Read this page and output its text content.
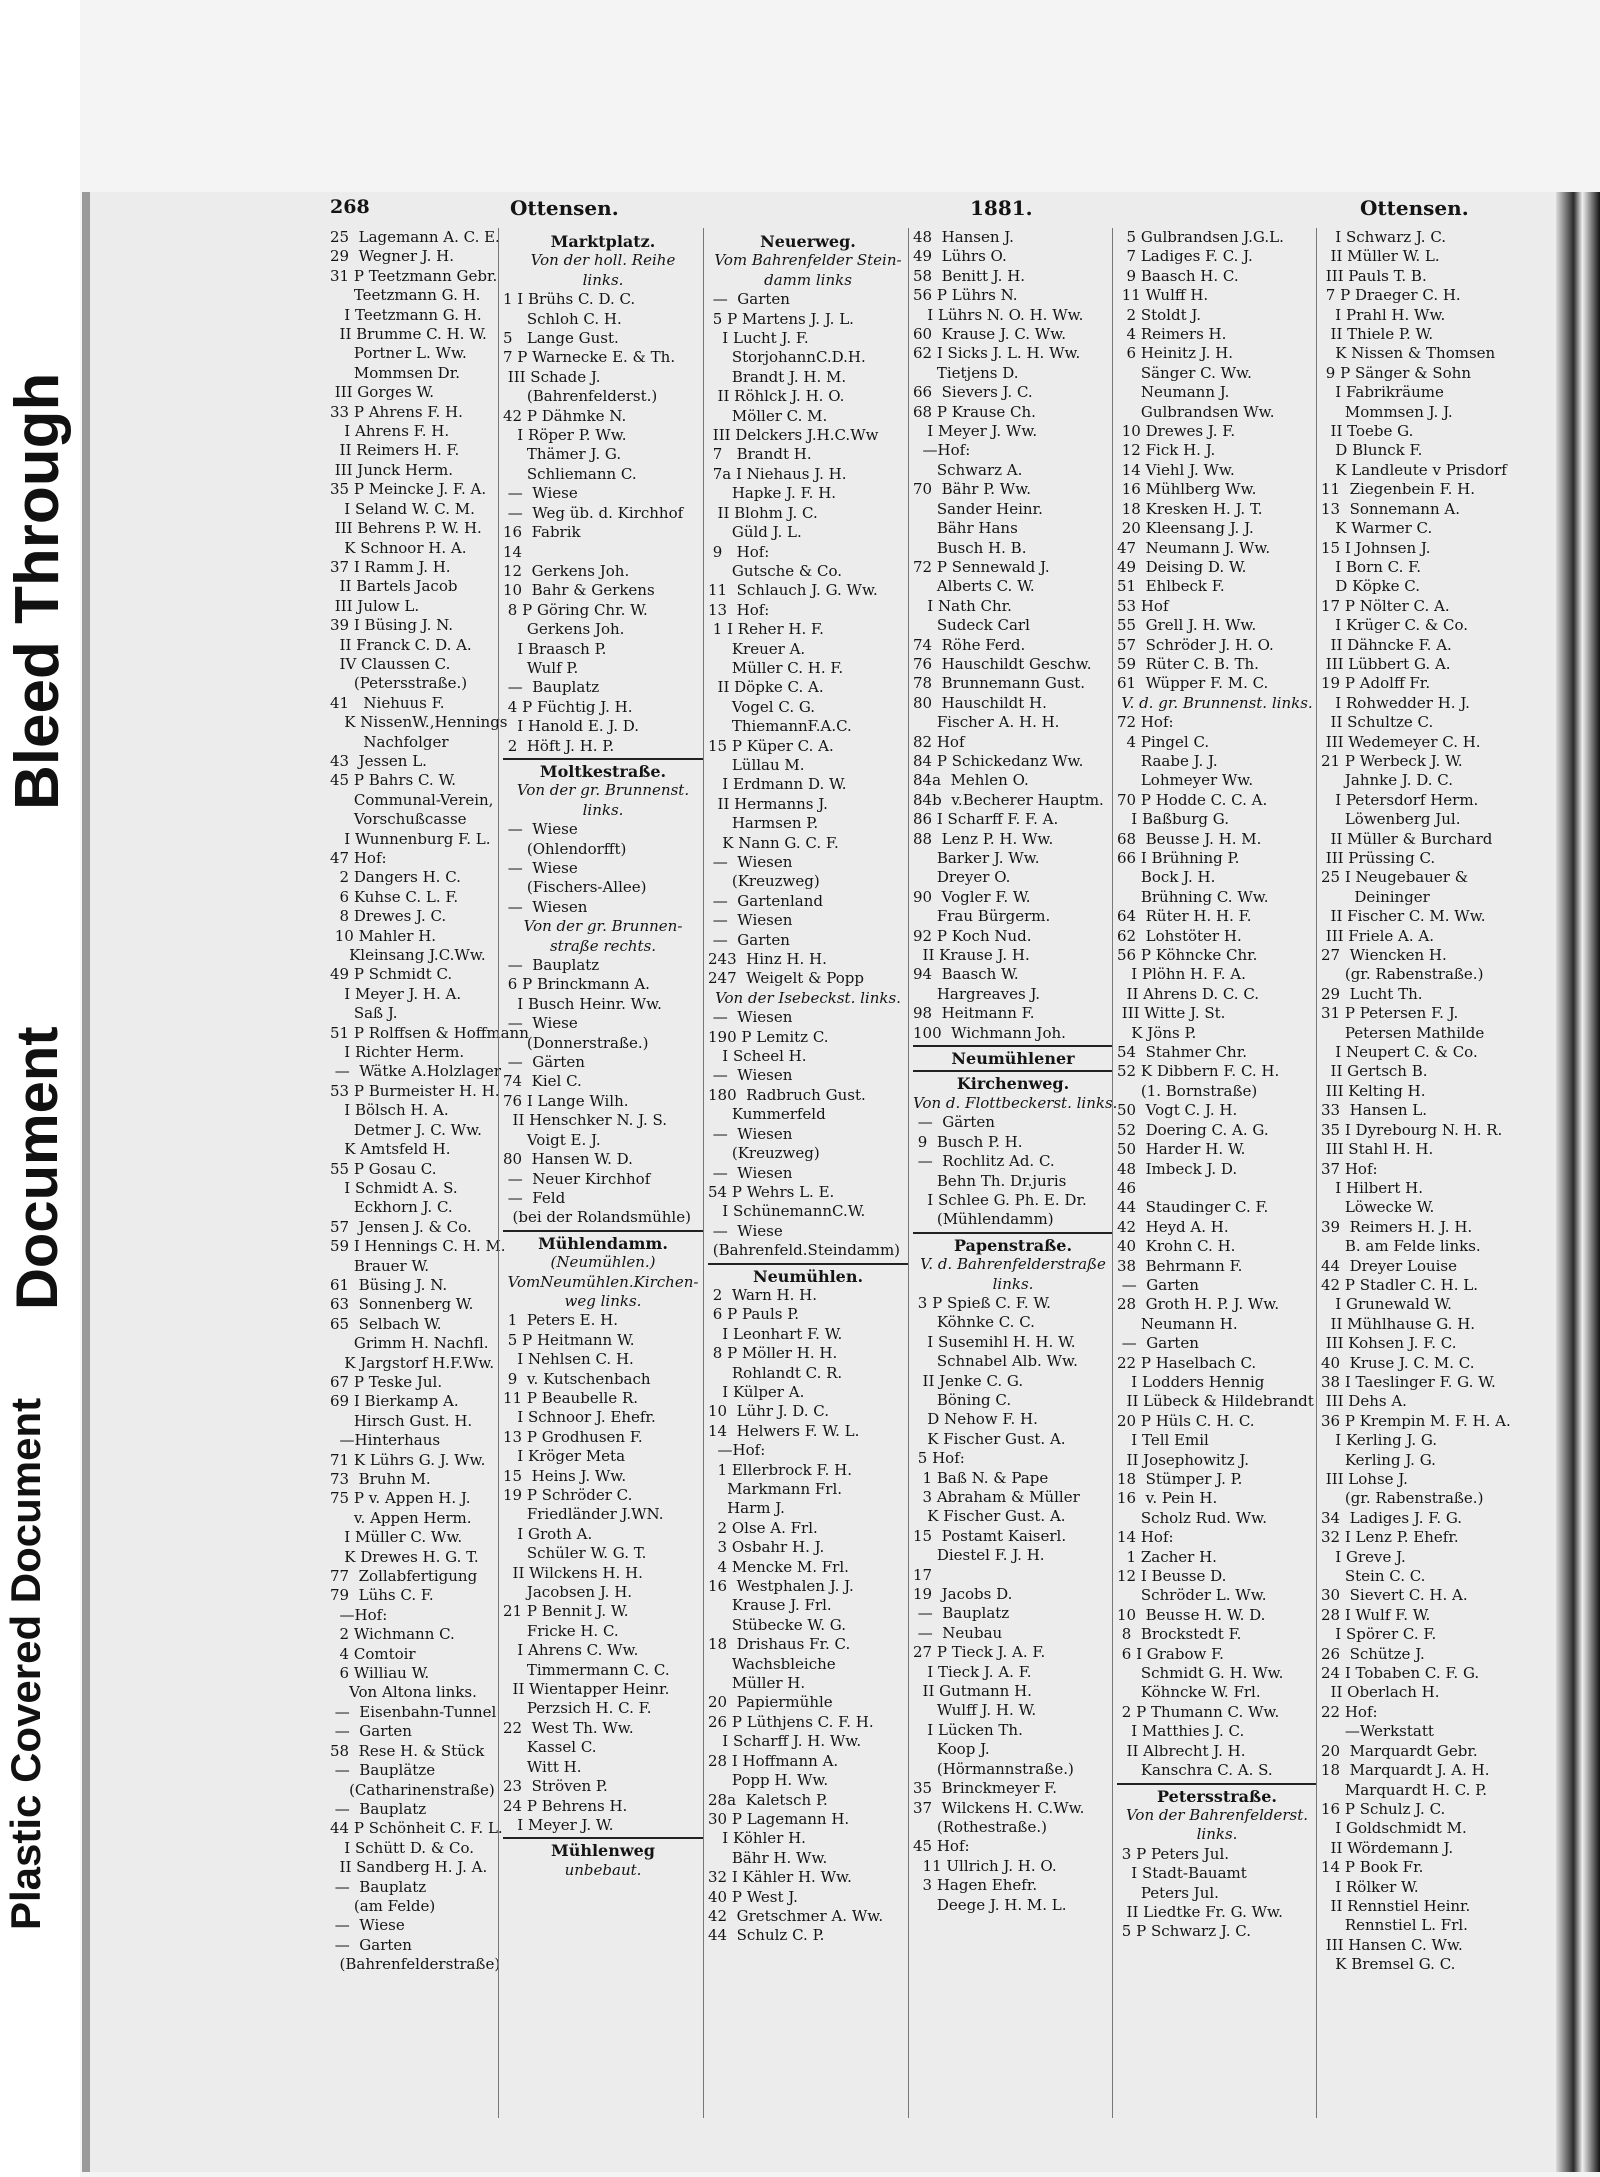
Plastic Covered Document
Document
Bleed Through
268	Ottensen.	1881.	Ottensen.
25  Lagemann A. C. E.
29  Wegner J. H.
31 P Teetzmann Gebr.
Teetzmann G. H.
I Teetzmann G. H.
II Brumme C. H. W.
Portner L. Ww.
Mommsen Dr.
III Gorges W.
33 P Ahrens F. H.
I Ahrens F. H.
II Reimers H. F.
III Junck Herm.
35 P Meincke J. F. A.
I Seland W. C. M.
III Behrens P. W. H.
K Schnoor H. A.
37 I Ramm J. H.
II Bartels Jacob
III Julow L.
39 I Büsing J. N.
II Franck C. D. A.
IV Claussen C.
(Petersstraße.)
41   Niehuus F.
K NissenW.,Hennings
Nachfolger
43  Jessen L.
45 P Bahrs C. W.
Communal-Verein,
Vorschußcasse
I Wunnenburg F. L.
47 Hof:
2 Dangers H. C.
6 Kuhse C. L. F.
8 Drewes J. C.
10 Mahler H.
Kleinsang J.C.Ww.
49 P Schmidt C.
I Meyer J. H. A.
Saß J.
51 P Rolffsen & Hoffmann
I Richter Herm.
—  Wätke A.Holzlager
53 P Burmeister H. H.
I Bölsch H. A.
Detmer J. C. Ww.
K Amtsfeld H.
55 P Gosau C.
I Schmidt A. S.
Eckhorn J. C.
57  Jensen J. & Co.
59 I Hennings C. H. M.
Brauer W.
61  Büsing J. N.
63  Sonnenberg W.
65  Selbach W.
Grimm H. Nachfl.
K Jargstorf H.F.Ww.
67 P Teske Jul.
69 I Bierkamp A.
Hirsch Gust. H.
—Hinterhaus
71 K Lührs G. J. Ww.
73  Bruhn M.
75 P v. Appen H. J.
v. Appen Herm.
I Müller C. Ww.
K Drewes H. G. T.
77  Zollabfertigung
79  Lühs C. F.
—Hof:
2 Wichmann C.
4 Comtoir
6 Williau W.
Von Altona links.
—  Eisenbahn-Tunnel
—  Garten
58  Rese H. & Stück
—  Bauplätze
(Catharinenstraße)
—  Bauplatz
44 P Schönheit C. F. L.
I Schütt D. & Co.
II Sandberg H. J. A.
—  Bauplatz
(am Felde)
—  Wiese
—  Garten
(Bahrenfelderstraße)
Marktplatz.
Von der holl. Reihe
links.
1 I Brühs C. D. C.
Schloh C. H.
5   Lange Gust.
7 P Warnecke E. & Th.
III Schade J.
(Bahrenfelderst.)
42 P Dähmke N.
I Röper P. Ww.
Thämer J. G.
Schliemann C.
—  Wiese
—  Weg üb. d. Kirchhof
16  Fabrik
14
12  Gerkens Joh.
10  Bahr & Gerkens
8 P Göring Chr. W.
Gerkens Joh.
I Braasch P.
Wulf P.
—  Bauplatz
4 P Füchtig J. H.
I Hanold E. J. D.
2  Höft J. H. P.
Moltkestraße.
Von der gr. Brunnenst.
links.
—  Wiese
(Ohlendorfft)
—  Wiese
(Fischers-Allee)
—  Wiesen
Von der gr. Brunnen-
straße rechts.
—  Bauplatz
6 P Brinckmann A.
I Busch Heinr. Ww.
—  Wiese
(Donnerstraße.)
—  Gärten
74  Kiel C.
76 I Lange Wilh.
II Henschker N. J. S.
Voigt E. J.
80  Hansen W. D.
—  Neuer Kirchhof
—  Feld
(bei der Rolandsmühle)
Mühlendamm.
(Neumühlen.)
VomNeumühlen.Kirchen-
weg links.
1  Peters E. H.
5 P Heitmann W.
I Nehlsen C. H.
9  v. Kutschenbach
11 P Beaubelle R.
I Schnoor J. Ehefr.
13 P Grodhusen F.
I Kröger Meta
15  Heins J. Ww.
19 P Schröder C.
Friedländer J.WN.
I Groth A.
Schüler W. G. T.
II Wilckens H. H.
Jacobsen J. H.
21 P Bennit J. W.
Fricke H. C.
I Ahrens C. Ww.
Timmermann C. C.
II Wientapper Heinr.
Perzsich H. C. F.
22  West Th. Ww.
Kassel C.
Witt H.
23  Ströven P.
24 P Behrens H.
I Meyer J. W.
Mühlenweg
unbebaut.
Neuerweg.
Vom Bahrenfelder Stein-
damm links
—  Garten
5 P Martens J. J. L.
I Lucht J. F.
StorjohannC.D.H.
Brandt J. H. M.
II Röhlck J. H. O.
Möller C. M.
III Delckers J.H.C.Ww
7   Brandt H.
7a I Niehaus J. H.
Hapke J. F. H.
II Blohm J. C.
Güld J. L.
9   Hof:
Gutsche & Co.
11  Schlauch J. G. Ww.
13  Hof:
1 I Reher H. F.
Kreuer A.
Müller C. H. F.
II Döpke C. A.
Vogel C. G.
ThiemannF.A.C.
15 P Küper C. A.
Lüllau M.
I Erdmann D. W.
II Hermanns J.
Harmsen P.
K Nann G. C. F.
—  Wiesen
(Kreuzweg)
—  Gartenland
—  Wiesen
—  Garten
243  Hinz H. H.
247  Weigelt & Popp
Von der Isebeckst. links.
—  Wiesen
190 P Lemitz C.
I Scheel H.
—  Wiesen
180  Radbruch Gust.
Kummerfeld
—  Wiesen
(Kreuzweg)
—  Wiesen
54 P Wehrs L. E.
I SchünemannC.W.
—  Wiese
(Bahrenfeld.Steindamm)
Neumühlen.
2  Warn H. H.
6 P Pauls P.
I Leonhart F. W.
8 P Möller H. H.
Rohlandt C. R.
I Külper A.
10  Lühr J. D. C.
14  Helwers F. W. L.
—Hof:
1 Ellerbrock F. H.
Markmann Frl.
Harm J.
2 Olse A. Frl.
3 Osbahr H. J.
4 Mencke M. Frl.
16  Westphalen J. J.
Krause J. Frl.
Stübecke W. G.
18  Drishaus Fr. C.
Wachsbleiche
Müller H.
20  Papiermühle
26 P Lüthjens C. F. H.
I Scharff J. H. Ww.
28 I Hoffmann A.
Popp H. Ww.
28a  Kaletsch P.
30 P Lagemann H.
I Köhler H.
Bähr H. Ww.
32 I Kähler H. Ww.
40 P West J.
42  Gretschmer A. Ww.
44  Schulz C. P.
48  Hansen J.
49  Lührs O.
58  Benitt J. H.
56 P Lührs N.
I Lührs N. O. H. Ww.
60  Krause J. C. Ww.
62 I Sicks J. L. H. Ww.
Tietjens D.
66  Sievers J. C.
68 P Krause Ch.
I Meyer J. Ww.
—Hof:
Schwarz A.
70  Bähr P. Ww.
Sander Heinr.
Bähr Hans
Busch H. B.
72 P Sennewald J.
Alberts C. W.
I Nath Chr.
Sudeck Carl
74  Röhe Ferd.
76  Hauschildt Geschw.
78  Brunnemann Gust.
80  Hauschildt H.
Fischer A. H. H.
82 Hof
84 P Schickedanz Ww.
84a  Mehlen O.
84b  v.Becherer Hauptm.
86 I Scharff F. F. A.
88  Lenz P. H. Ww.
Barker J. Ww.
Dreyer O.
90  Vogler F. W.
Frau Bürgerm.
92 P Koch Nud.
II Krause J. H.
94  Baasch W.
Hargreaves J.
98  Heitmann F.
100  Wichmann Joh.
Neumühlener
Kirchenweg.
Von d. Flottbeckerst. links.
—  Gärten
9  Busch P. H.
—  Rochlitz Ad. C.
Behn Th. Dr.juris
I Schlee G. Ph. E. Dr.
(Mühlendamm)
Papenstraße.
V. d. Bahrenfelderstraße
links.
3 P Spieß C. F. W.
Köhnke C. C.
I Susemihl H. H. W.
Schnabel Alb. Ww.
II Jenke C. G.
Böning C.
D Nehow F. H.
K Fischer Gust. A.
5 Hof:
1 Baß N. & Pape
3 Abraham & Müller
K Fischer Gust. A.
15  Postamt Kaiserl.
Diestel F. J. H.
17
19  Jacobs D.
—  Bauplatz
—  Neubau
27 P Tieck J. A. F.
I Tieck J. A. F.
II Gutmann H.
Wulff J. H. W.
I Lücken Th.
Koop J.
(Hörmannstraße.)
35  Brinckmeyer F.
37  Wilckens H. C.Ww.
(Rothestraße.)
45 Hof:
11 Ullrich J. H. O.
3 Hagen Ehefr.
Deege J. H. M. L.
5 Gulbrandsen J.G.L.
7 Ladiges F. C. J.
9 Baasch H. C.
11 Wulff H.
2 Stoldt J.
4 Reimers H.
6 Heinitz J. H.
Sänger C. Ww.
Neumann J.
Gulbrandsen Ww.
10 Drewes J. F.
12 Fick H. J.
14 Viehl J. Ww.
16 Mühlberg Ww.
18 Kresken H. J. T.
20 Kleensang J. J.
47  Neumann J. Ww.
49  Deising D. W.
51  Ehlbeck F.
53 Hof
55  Grell J. H. Ww.
57  Schröder J. H. O.
59  Rüter C. B. Th.
61  Wüpper F. M. C.
V. d. gr. Brunnenst. links.
72 Hof:
4 Pingel C.
Raabe J. J.
Lohmeyer Ww.
70 P Hodde C. C. A.
I Baßburg G.
68  Beusse J. H. M.
66 I Brühning P.
Bock J. H.
Brühning C. Ww.
64  Rüter H. H. F.
62  Lohstöter H.
56 P Köhncke Chr.
I Plöhn H. F. A.
II Ahrens D. C. C.
III Witte J. St.
K Jöns P.
54  Stahmer Chr.
52 K Dibbern F. C. H.
(1. Bornstraße)
50  Vogt C. J. H.
52  Doering C. A. G.
50  Harder H. W.
48  Imbeck J. D.
46
44  Staudinger C. F.
42  Heyd A. H.
40  Krohn C. H.
38  Behrmann F.
—  Garten
28  Groth H. P. J. Ww.
Neumann H.
—  Garten
22 P Haselbach C.
I Lodders Hennig
II Lübeck & Hildebrandt
20 P Hüls C. H. C.
I Tell Emil
II Josephowitz J.
18  Stümper J. P.
16  v. Pein H.
Scholz Rud. Ww.
14 Hof:
1 Zacher H.
12 I Beusse D.
Schröder L. Ww.
10  Beusse H. W. D.
8  Brockstedt F.
6 I Grabow F.
Schmidt G. H. Ww.
Köhncke W. Frl.
2 P Thumann C. Ww.
I Matthies J. C.
II Albrecht J. H.
Kanschra C. A. S.
Petersstraße.
Von der Bahrenfelderst.
links.
3 P Peters Jul.
I Stadt-Bauamt
Peters Jul.
II Liedtke Fr. G. Ww.
5 P Schwarz J. C.
I Schwarz J. C.
II Müller W. L.
III Pauls T. B.
7 P Draeger C. H.
I Prahl H. Ww.
II Thiele P. W.
K Nissen & Thomsen
9 P Sänger & Sohn
I Fabrikräume
Mommsen J. J.
II Toebe G.
D Blunck F.
K Landleute v Prisdorf
11  Ziegenbein F. H.
13  Sonnemann A.
K Warmer C.
15 I Johnsen J.
I Born C. F.
D Köpke C.
17 P Nölter C. A.
I Krüger C. & Co.
II Dähncke F. A.
III Lübbert G. A.
19 P Adolff Fr.
I Rohwedder H. J.
II Schultze C.
III Wedemeyer C. H.
21 P Werbeck J. W.
Jahnke J. D. C.
I Petersdorf Herm.
Löwenberg Jul.
II Müller & Burchard
III Prüssing C.
25 I Neugebauer &
Deininger
II Fischer C. M. Ww.
III Friele A. A.
27  Wiencken H.
(gr. Rabenstraße.)
29  Lucht Th.
31 P Petersen F. J.
Petersen Mathilde
I Neupert C. & Co.
II Gertsch B.
III Kelting H.
33  Hansen L.
35 I Dyrebourg N. H. R.
III Stahl H. H.
37 Hof:
I Hilbert H.
Löwecke W.
39  Reimers H. J. H.
B. am Felde links.
44  Dreyer Louise
42 P Stadler C. H. L.
I Grunewald W.
II Mühlhause G. H.
III Kohsen J. F. C.
40  Kruse J. C. M. C.
38 I Taeslinger F. G. W.
III Dehs A.
36 P Krempin M. F. H. A.
I Kerling J. G.
Kerling J. G.
III Lohse J.
(gr. Rabenstraße.)
34  Ladiges J. F. G.
32 I Lenz P. Ehefr.
I Greve J.
Stein C. C.
30  Sievert C. H. A.
28 I Wulf F. W.
I Spörer C. F.
26  Schütze J.
24 I Tobaben C. F. G.
II Oberlach H.
22 Hof:
—Werkstatt
20  Marquardt Gebr.
18  Marquardt J. A. H.
Marquardt H. C. P.
16 P Schulz J. C.
I Goldschmidt M.
II Wördemann J.
14 P Book Fr.
I Rölker W.
II Rennstiel Heinr.
Rennstiel L. Frl.
III Hansen C. Ww.
K Bremsel G. C.
